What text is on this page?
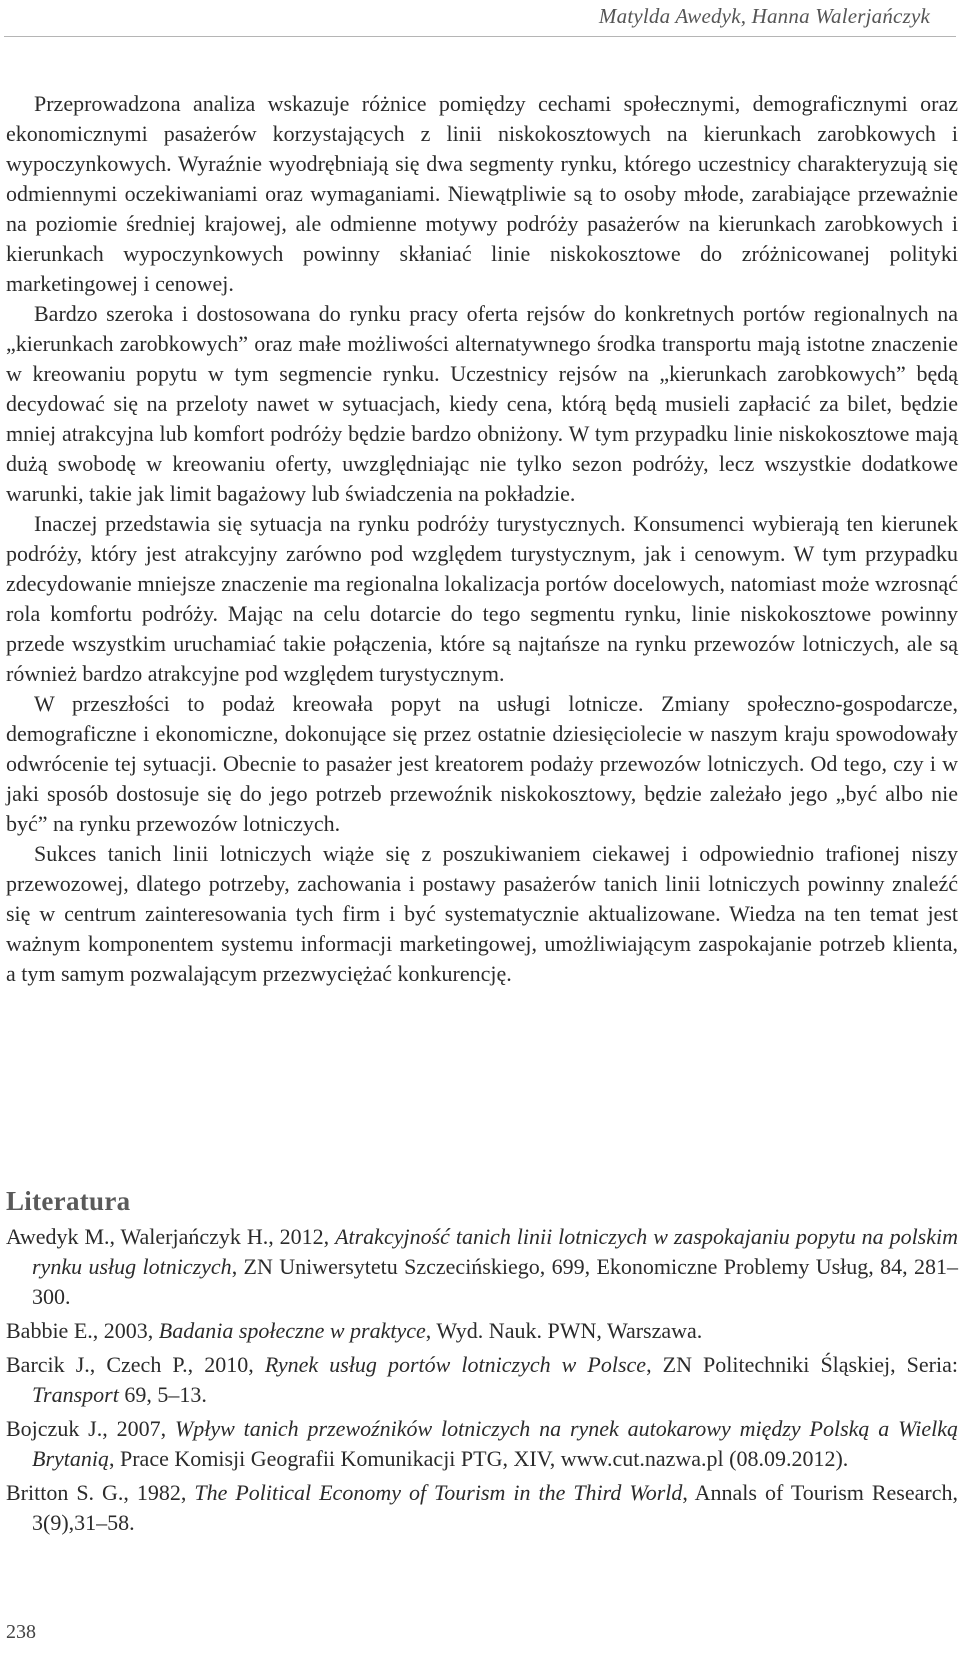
Matylda Awedyk, Hanna Walerjańczyk

Przeprowadzona analiza wskazuje różnice pomiędzy cechami społecznymi, demograficznymi oraz ekonomicznymi pasażerów korzystających z linii niskokosztowych na kierunkach zarobkowych i wypoczynkowych. Wyraźnie wyodrębniają się dwa segmenty rynku, którego uczestnicy charakteryzują się odmiennymi oczekiwaniami oraz wymaganiami. Niewątpliwie są to osoby młode, zarabiające przeważnie na poziomie średniej krajowej, ale odmienne motywy podróży pasażerów na kierunkach zarobkowych i kierunkach wypoczynkowych powinny skłaniać linie niskokosztowe do zróżnicowanej polityki marketingowej i cenowej.

Bardzo szeroka i dostosowana do rynku pracy oferta rejsów do konkretnych portów regionalnych na „kierunkach zarobkowych” oraz małe możliwości alternatywnego środka transportu mają istotne znaczenie w kreowaniu popytu w tym segmencie rynku. Uczestnicy rejsów na „kierunkach zarobkowych” będą decydować się na przeloty nawet w sytuacjach, kiedy cena, którą będą musieli zapłacić za bilet, będzie mniej atrakcyjna lub komfort podróży będzie bardzo obniżony. W tym przypadku linie niskokosztowe mają dużą swobodę w kreowaniu oferty, uwzględniając nie tylko sezon podróży, lecz wszystkie dodatkowe warunki, takie jak limit bagażowy lub świadczenia na pokładzie.

Inaczej przedstawia się sytuacja na rynku podróży turystycznych. Konsumenci wybierają ten kierunek podróży, który jest atrakcyjny zarówno pod względem turystycznym, jak i cenowym. W tym przypadku zdecydowanie mniejsze znaczenie ma regionalna lokalizacja portów docelowych, natomiast może wzrosnąć rola komfortu podróży. Mając na celu dotarcie do tego segmentu rynku, linie niskokosztowe powinny przede wszystkim uruchamiać takie połączenia, które są najtańsze na rynku przewozów lotniczych, ale są również bardzo atrakcyjne pod względem turystycznym.

W przeszłości to podaż kreowała popyt na usługi lotnicze. Zmiany społeczno-gospodarcze, demograficzne i ekonomiczne, dokonujące się przez ostatnie dziesięciolecie w naszym kraju spowodowały odwrócenie tej sytuacji. Obecnie to pasażer jest kreatorem podaży przewozów lotniczych. Od tego, czy i w jaki sposób dostosuje się do jego potrzeb przewoźnik niskokosztowy, będzie zależało jego „być albo nie być” na rynku przewozów lotniczych.

Sukces tanich linii lotniczych wiąże się z poszukiwaniem ciekawej i odpowiednio trafionej niszy przewozowej, dlatego potrzeby, zachowania i postawy pasażerów tanich linii lotniczych powinny znaleźć się w centrum zainteresowania tych firm i być systematycznie aktualizowane. Wiedza na ten temat jest ważnym komponentem systemu informacji marketingowej, umożliwiającym zaspokajanie potrzeb klienta, a tym samym pozwalającym przezwyciężać konkurencję.

Literatura

Awedyk M., Walerjańczyk H., 2012, Atrakcyjność tanich linii lotniczych w zaspokajaniu popytu na polskim rynku usług lotniczych, ZN Uniwersytetu Szczecińskiego, 699, Ekonomiczne Problemy Usług, 84, 281–300.

Babbie E., 2003, Badania społeczne w praktyce, Wyd. Nauk. PWN, Warszawa.

Barcik J., Czech P., 2010, Rynek usług portów lotniczych w Polsce, ZN Politechniki Śląskiej, Seria: Transport 69, 5–13.

Bojczuk J., 2007, Wpływ tanich przewoźników lotniczych na rynek autokarowy między Polską a Wielką Brytanią, Prace Komisji Geografii Komunikacji PTG, XIV, www.cut.nazwa.pl (08.09.2012).

Britton S. G., 1982, The Political Economy of Tourism in the Third World, Annals of Tourism Research, 3(9),31–58.

238
